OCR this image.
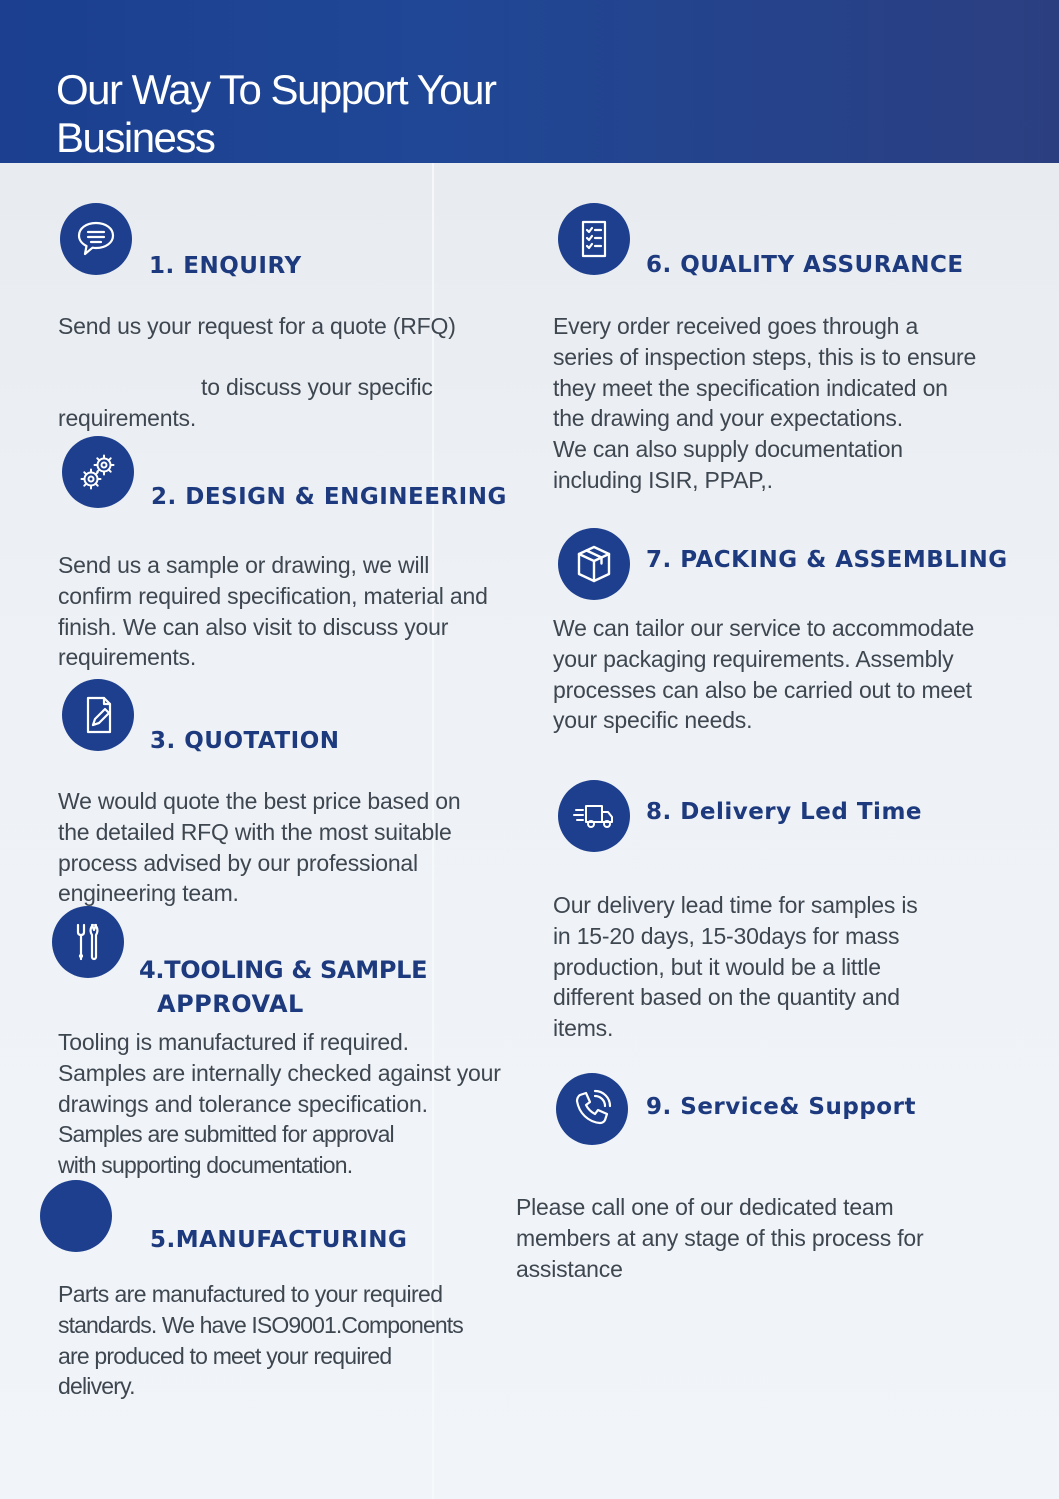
Our Way To Support Your
Business
1. ENQUIRY
Send us your request for a quote (RFQ)
to discuss your specific
requirements.
2. DESIGN & ENGINEERING
Send us a sample or drawing, we will
confirm required specification, material and
finish. We can also visit to discuss your
requirements.
3. QUOTATION
We would quote the best price based on
the detailed RFQ with the most suitable
process advised by our professional
engineering team.
4.TOOLING & SAMPLE
APPROVAL
Tooling is manufactured if required.
Samples are internally checked against your
drawings and tolerance specification.
Samples are submitted for approval
with supporting documentation.
5.MANUFACTURING
Parts are manufactured to your required
standards. We have ISO9001.Components
are produced to meet your required
delivery.
6. QUALITY ASSURANCE
Every order received goes through a
series of inspection steps, this is to ensure
they meet the specification indicated on
the drawing and your expectations.
We can also supply documentation
including ISIR, PPAP,.
7. PACKING & ASSEMBLING
We can tailor our service to accommodate
your packaging requirements. Assembly
processes can also be carried out to meet
your specific needs.
8. Delivery Led Time
Our delivery lead time for samples is
in 15-20 days, 15-30days for mass
production, but it would be a little
different based on the quantity and
items.
9. Service& Support
Please call one of our dedicated team
members at any stage of this process for
assistance
